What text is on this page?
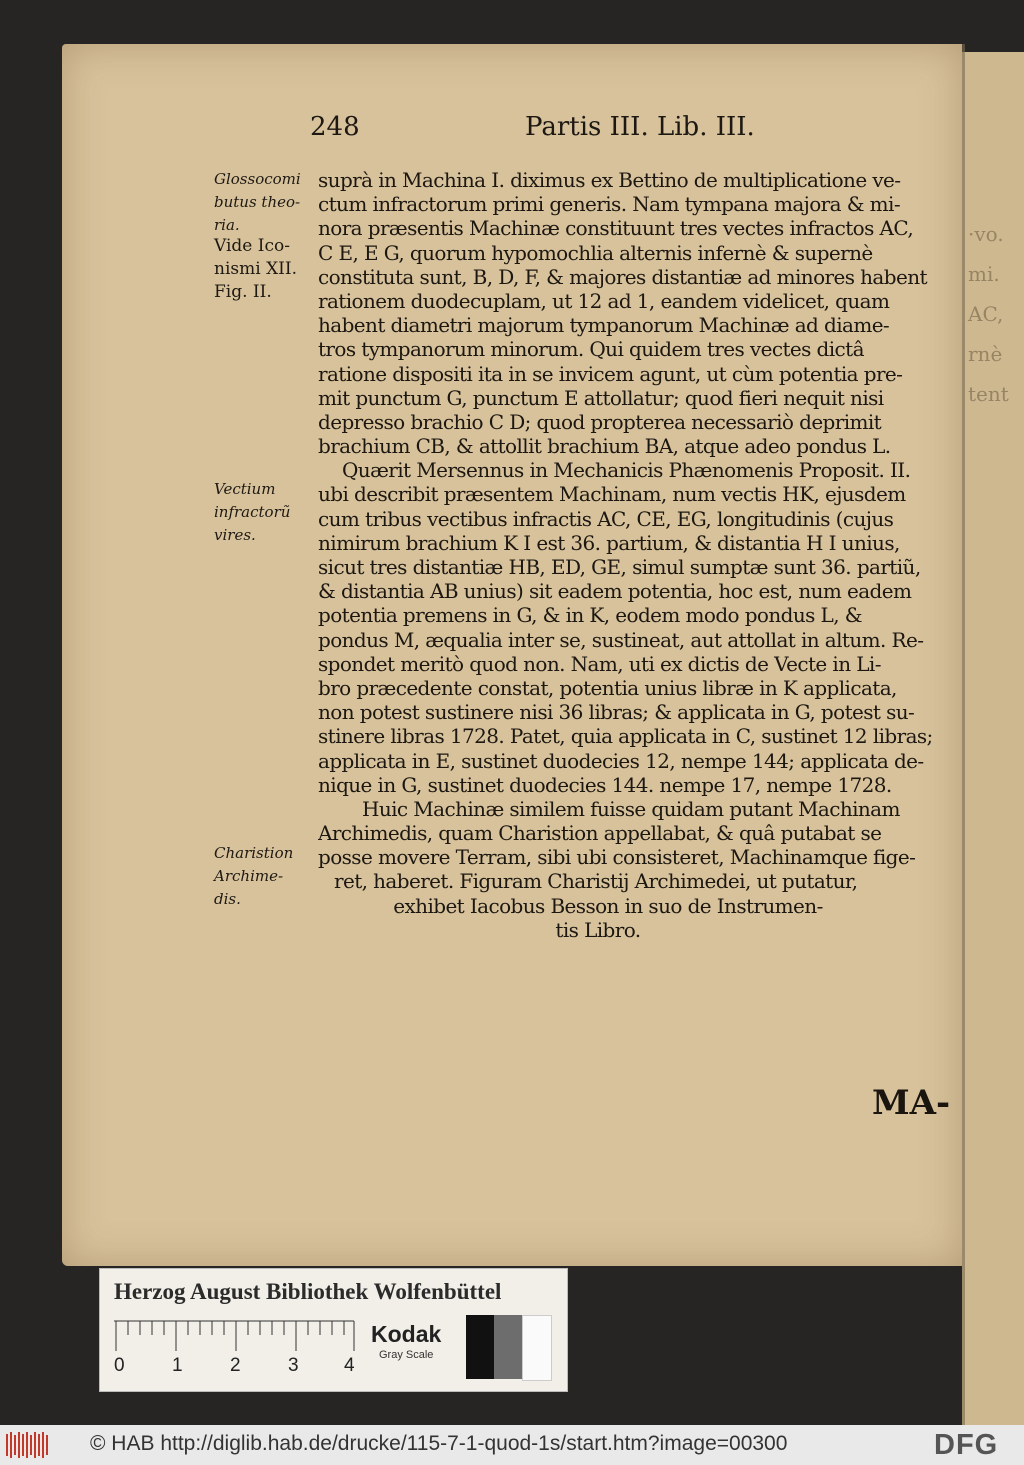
·vo.
mi.
AC,
rnè
tent
248	Partis III. Lib. III.
Glossocomi
butus theo-
ria.
Vide Ico-
nismi XII.
Fig. II.
Vectium
infractorũ
vires.
Charistion
Archime-
dis.
suprà in Machina I. diximus ex Bettino de multiplicatione ve-
ctum infractorum primi generis. Nam tympana majora & mi-
nora præsentis Machinæ constituunt tres vectes infractos AC,
C E, E G, quorum hypomochlia alternis infernè & supernè
constituta sunt, B, D, F, & majores distantiæ ad minores habent
rationem duodecuplam, ut 12 ad 1, eandem videlicet, quam
habent diametri majorum tympanorum Machinæ ad diame-
tros tympanorum minorum. Qui quidem tres vectes dictâ
ratione dispositi ita in se invicem agunt, ut cùm potentia pre-
mit punctum G, punctum E attollatur; quod fieri nequit nisi
depresso brachio C D; quod propterea necessariò deprimit
brachium CB, & attollit brachium BA, atque adeo pondus L.
Quærit Mersennus in Mechanicis Phænomenis Proposit. II.
ubi describit præsentem Machinam, num vectis HK, ejusdem
cum tribus vectibus infractis AC, CE, EG, longitudinis (cujus
nimirum brachium K I est 36. partium, & distantia H I unius,
sicut tres distantiæ HB, ED, GE, simul sumptæ sunt 36. partiũ,
& distantia AB unius) sit eadem potentia, hoc est, num eadem
potentia premens in G, & in K, eodem modo pondus L, &
pondus M, æqualia inter se, sustineat, aut attollat in altum. Re-
spondet meritò quod non. Nam, uti ex dictis de Vecte in Li-
bro præcedente constat, potentia unius libræ in K applicata,
non potest sustinere nisi 36 libras; & applicata in G, potest su-
stinere libras 1728. Patet, quia applicata in C, sustinet 12 libras;
applicata in E, sustinet duodecies 12, nempe 144; applicata de-
nique in G, sustinet duodecies 144. nempe 17, nempe 1728.
Huic Machinæ similem fuisse quidam putant Machinam
Archimedis, quam Charistion appellabat, & quâ putabat se
posse movere Terram, sibi ubi consisteret, Machinamque fige-
ret, haberet. Figuram Charistij Archimedei, ut putatur,
exhibet Iacobus Besson in suo de Instrumen-
tis Libro.
MA-
Herzog August Bibliothek Wolfenbüttel
0 1 2 3 4
Kodak
Gray Scale
© HAB http://diglib.hab.de/drucke/115-7-1-quod-1s/start.htm?image=00300	DFG
